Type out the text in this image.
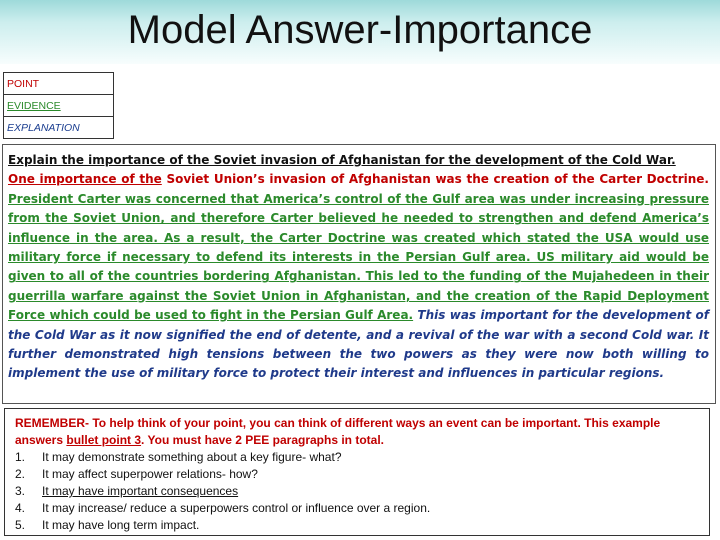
Model Answer-Importance
POINT
EVIDENCE
EXPLANATION
Explain the importance of the Soviet invasion of Afghanistan for the development of the Cold War.
One importance of the Soviet Union’s invasion of Afghanistan was the creation of the Carter Doctrine. President Carter was concerned that America’s control of the Gulf area was under increasing pressure from the Soviet Union, and therefore Carter believed he needed to strengthen and defend America’s influence in the area. As a result, the Carter Doctrine was created which stated the USA would use military force if necessary to defend its interests in the Persian Gulf area. US military aid would be given to all of the countries bordering Afghanistan. This led to the funding of the Mujahedeen in their guerrilla warfare against the Soviet Union in Afghanistan, and the creation of the Rapid Deployment Force which could be used to fight in the Persian Gulf Area. This was important for the development of the Cold War as it now signified the end of detente, and a revival of the war with a second Cold war. It further demonstrated high tensions between the two powers as they were now both willing to implement the use of military force to protect their interest and influences in particular regions.
REMEMBER- To help think of your point, you can think of different ways an event can be important. This example answers bullet point 3. You must have 2 PEE paragraphs in total.
1.	It may demonstrate something about a key figure- what?
2.	It may affect superpower relations- how?
3.	It may have important consequences
4.	It may increase/ reduce a superpowers control or influence over a region.
5.	It may have long term impact.
